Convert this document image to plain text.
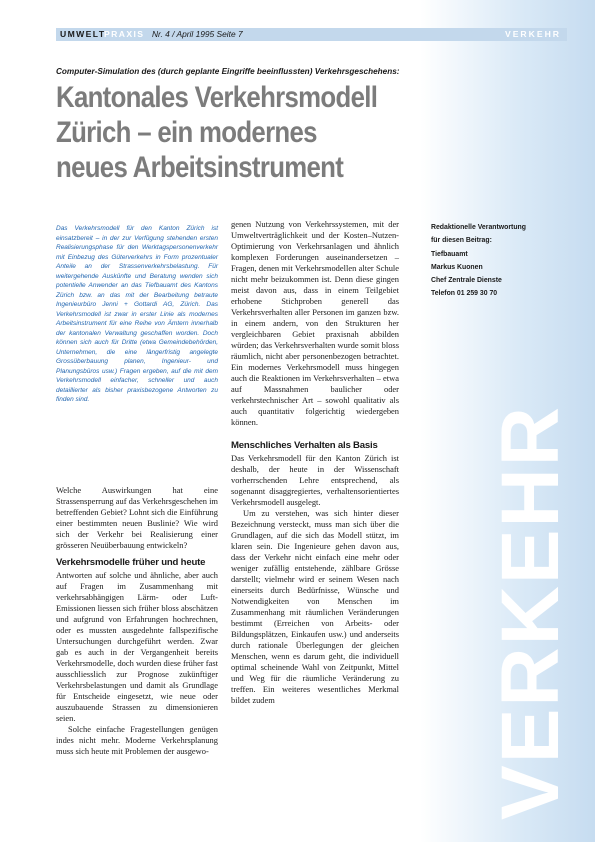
UMWELT
PRAXIS Nr. 4 / April 1995 Seite 7	VERKEHR
Computer-Simulation des (durch geplante Eingriffe beeinflussten) Verkehrsgeschehens:
Kantonales Verkehrsmodell
Zürich – ein modernes
neues Arbeitsinstrument
Das Verkehrsmodell für den Kanton Zürich ist einsatzbereit – in der zur Verfügung stehenden ersten Realisierungsphase für den Werktagspersonenverkehr mit Einbezug des Güterverkehrs in Form prozentualer Anteile an der Strassenverkehrsbelastung. Für weitergehende Auskünfte und Beratung wenden sich potentielle Anwender an das Tiefbauamt des Kantons Zürich bzw. an das mit der Bearbeitung betraute Ingenieurbüro Jenni + Gottardi AG, Zürich. Das Verkehrsmodell ist zwar in erster Linie als modernes Arbeitsinstrument für eine Reihe von Ämtern innerhalb der kantonalen Verwaltung geschaffen worden. Doch können sich auch für Dritte (etwa Gemeindebehörden, Unternehmen, die eine längerfristig angelegte Grossüberbauung planen, Ingenieur- und Planungsbüros usw.) Fragen ergeben, auf die mit dem Verkehrsmodell einfacher, schneller und auch detaillierter als bisher praxisbezogene Antworten zu finden sind.

Welche Auswirkungen hat eine Strassensperrung auf das Verkehrsgeschehen im betreffenden Gebiet? Lohnt sich die Einführung einer bestimmten neuen Buslinie? Wie wird sich der Verkehr bei Realisierung einer grösseren Neuüberbauung entwickeln?

Verkehrsmodelle früher und heute

Antworten auf solche und ähnliche, aber auch auf Fragen im Zusammenhang mit verkehrsabhängigen Lärm- oder Luft-Emissionen liessen sich früher bloss abschätzen und aufgrund von Erfahrungen hochrechnen, oder es mussten ausgedehnte fallspezifische Untersuchungen durchgeführt werden. Zwar gab es auch in der Vergangenheit bereits Verkehrsmodelle, doch wurden diese früher fast ausschliesslich zur Prognose zukünftiger Verkehrsbelastungen und damit als Grundlage für Entscheide eingesetzt, wie neue oder auszubauende Strassen zu dimensionieren seien.

Solche einfache Fragestellungen genügen indes nicht mehr. Moderne Verkehrsplanung muss sich heute mit Problemen der ausgewo-

genen Nutzung von Verkehrssystemen, mit der Umweltverträglichkeit und der Kosten–Nutzen-Optimierung von Verkehrsanlagen und ähnlich komplexen Forderungen auseinandersetzen – Fragen, denen mit Verkehrsmodellen alter Schule nicht mehr beizukommen ist. Denn diese gingen meist davon aus, dass in einem Teilgebiet erhobene Stichproben generell das Verkehrsverhalten aller Personen im ganzen bzw. in einem andern, von den Strukturen her vergleichbaren Gebiet praxisnah abbilden würden; das Verkehrsverhalten wurde somit bloss räumlich, nicht aber personenbezogen betrachtet. Ein modernes Verkehrsmodell muss hingegen auch die Reaktionen im Verkehrsverhalten – etwa auf Massnahmen baulicher oder verkehrstechnischer Art – sowohl qualitativ als auch quantitativ folgerichtig wiedergeben können.

Menschliches Verhalten als Basis

Das Verkehrsmodell für den Kanton Zürich ist deshalb, der heute in der Wissenschaft vorherrschenden Lehre entsprechend, als sogenannt disaggregiertes, verhaltensorientiertes Verkehrsmodell ausgelegt.

Um zu verstehen, was sich hinter dieser Bezeichnung versteckt, muss man sich über die Grundlagen, auf die sich das Modell stützt, im klaren sein. Die Ingenieure gehen davon aus, dass der Verkehr nicht einfach eine mehr oder weniger zufällig entstehende, zählbare Grösse darstellt; vielmehr wird er seinem Wesen nach einerseits durch Bedürfnisse, Wünsche und Notwendigkeiten von Menschen im Zusammenhang mit räumlichen Veränderungen bestimmt (Erreichen von Arbeits- oder Bildungsplätzen, Einkaufen usw.) und anderseits durch rationale Überlegungen der gleichen Menschen, wenn es darum geht, die individuell optimal scheinende Wahl von Zeitpunkt, Mittel und Weg für die räumliche Veränderung zu treffen. Ein weiteres wesentliches Merkmal bildet zudem

Redaktionelle Verantwortung
für diesen Beitrag:
Tiefbauamt
Markus Kuonen
Chef Zentrale Dienste
Telefon 01 259 30 70
VERKEHR
